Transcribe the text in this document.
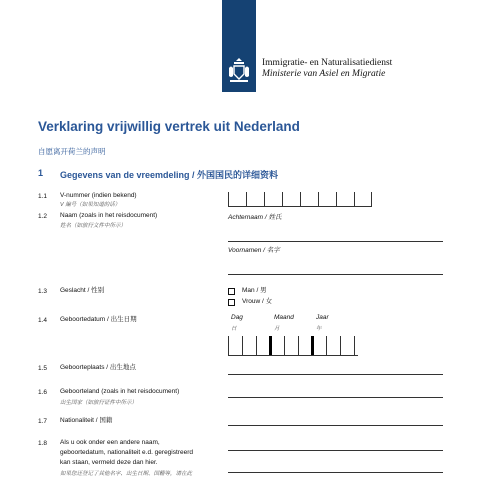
Immigratie- en Naturalisatiedienst
Ministerie van Asiel en Migratie
Verklaring vrijwillig vertrek uit Nederland
自愿离开荷兰的声明
1 Gegevens van de vreemdeling / 外国国民的详细资料
1.1 V-nummer (indien bekend)
V 編号（如果知道的话）
1.2 Naam (zoals in het reisdocument)
姓名（如旅行文件中所示）
Achternaam / 姓氏
Voornamen / 名字
1.3 Geslacht / 性别	Man / 男
Vrouw / 女
1.4 Geboortedatum / 出生日期	Dag
日
Maand
月
Jaar
年
1.5 Geboorteplaats / 出生地点
1.6 Geboorteland (zoals in het reisdocument)
出生国家（如旅行证件中所示）
1.7 Nationaliteit / 国籍
1.8 Als u ook onder een andere naam,
geboortedatum, nationaliteit e.d. geregistreerd
kan staan, vermeld deze dan hier.
如果您还登记了其他名字、出生日期、国籍等，请在此
